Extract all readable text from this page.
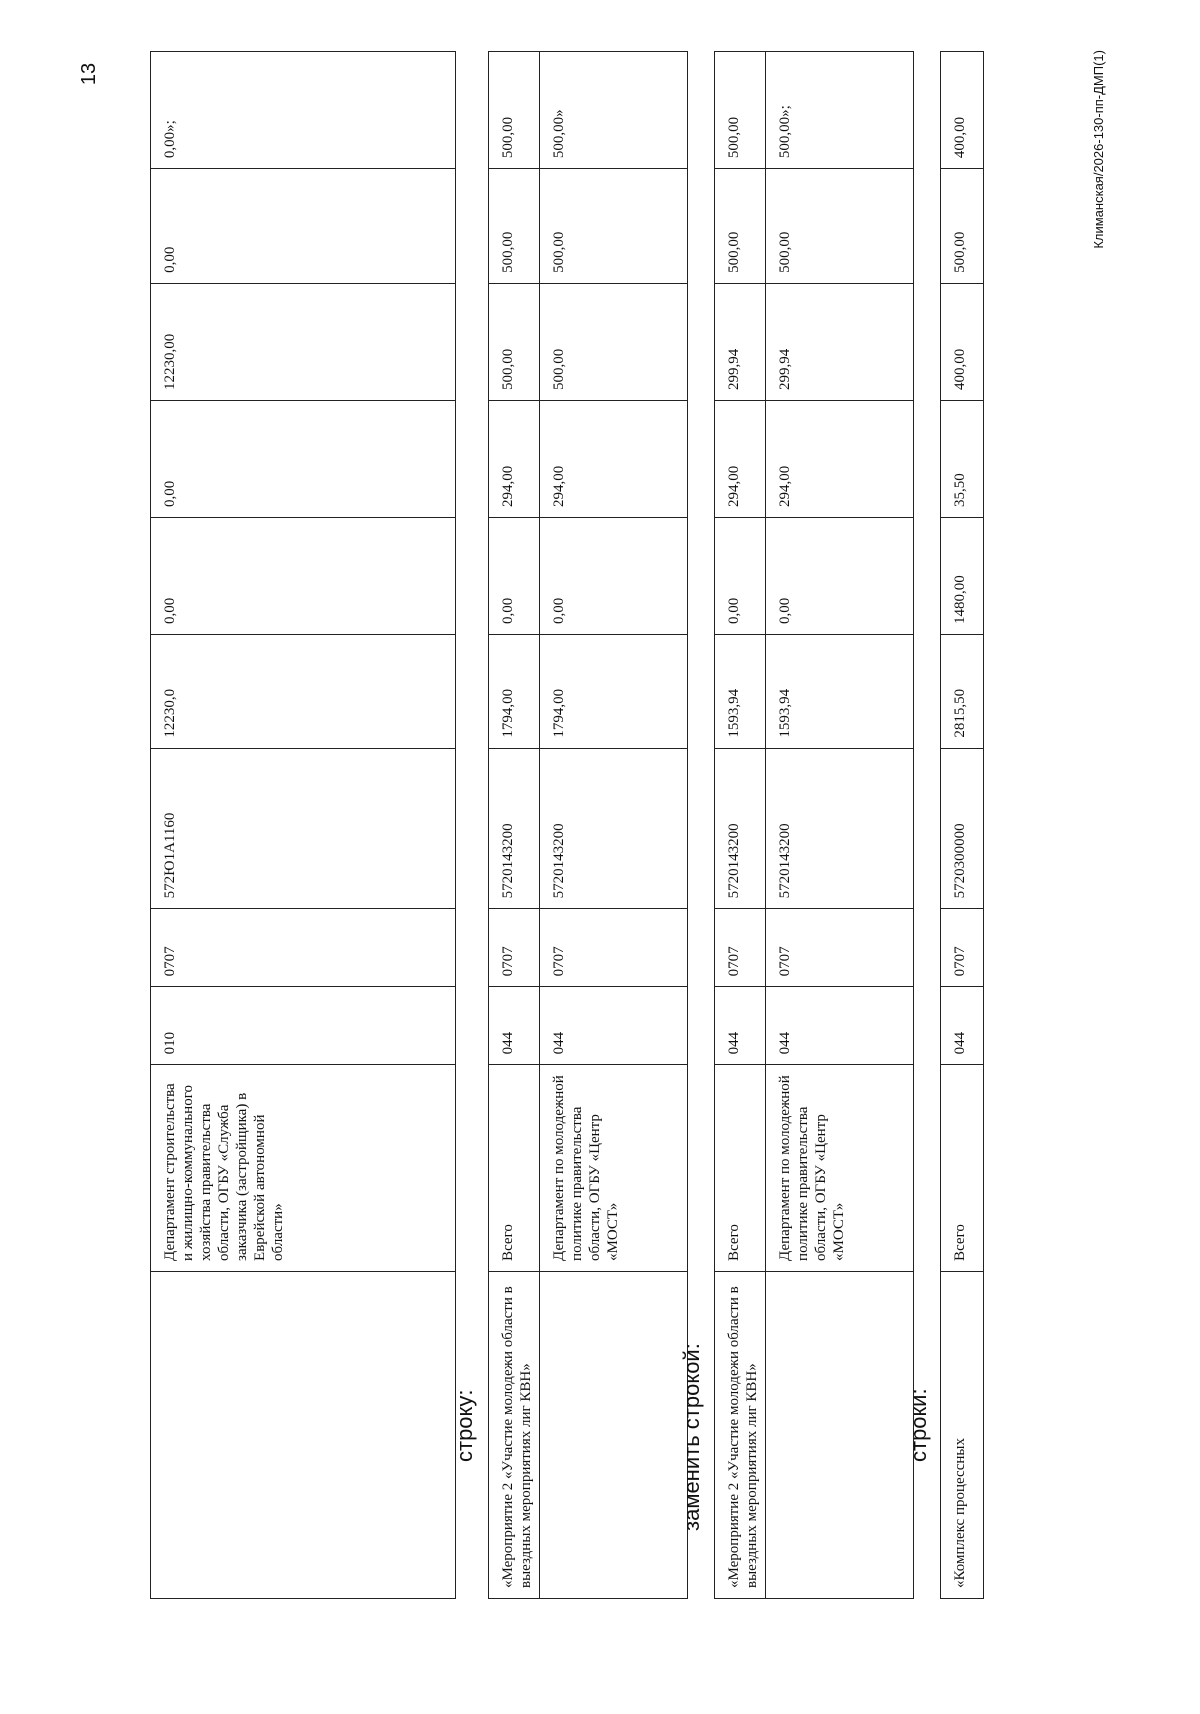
13
	Департамент строительства и жилищно-коммунального хозяйства правительства области, ОГБУ «Служба заказчика (застройщика) в Еврейской автономной области»	010	0707	572Ю1А1160	12230,0	0,00	0,00	12230,00	0,00	0,00»;
строку: «Мероприятие 2 «Участие молодежи области в выездных мероприятиях лиг КВН»	Всего	044	0707	5720143200	1794,00	0,00	294,00	500,00	500,00	500,00
	Департамент по молодежной политике правительства области, ОГБУ «Центр «МОСТ»	044	0707	5720143200	1794,00	0,00	294,00	500,00	500,00	500,00»
заменить строкой: «Мероприятие 2 «Участие молодежи области в выездных мероприятиях лиг КВН»	Всего	044	0707	5720143200	1593,94	0,00	294,00	299,94	500,00	500,00
	Департамент по молодежной политике правительства области, ОГБУ «Центр «МОСТ»	044	0707	5720143200	1593,94	0,00	294,00	299,94	500,00	500,00»;
строки:
«Комплекс процессных	Всего	044	0707	5720300000	2815,50	1480,00	35,50	400,00	500,00	400,00	Климанская/2026-130-пп-ДМП(1)
